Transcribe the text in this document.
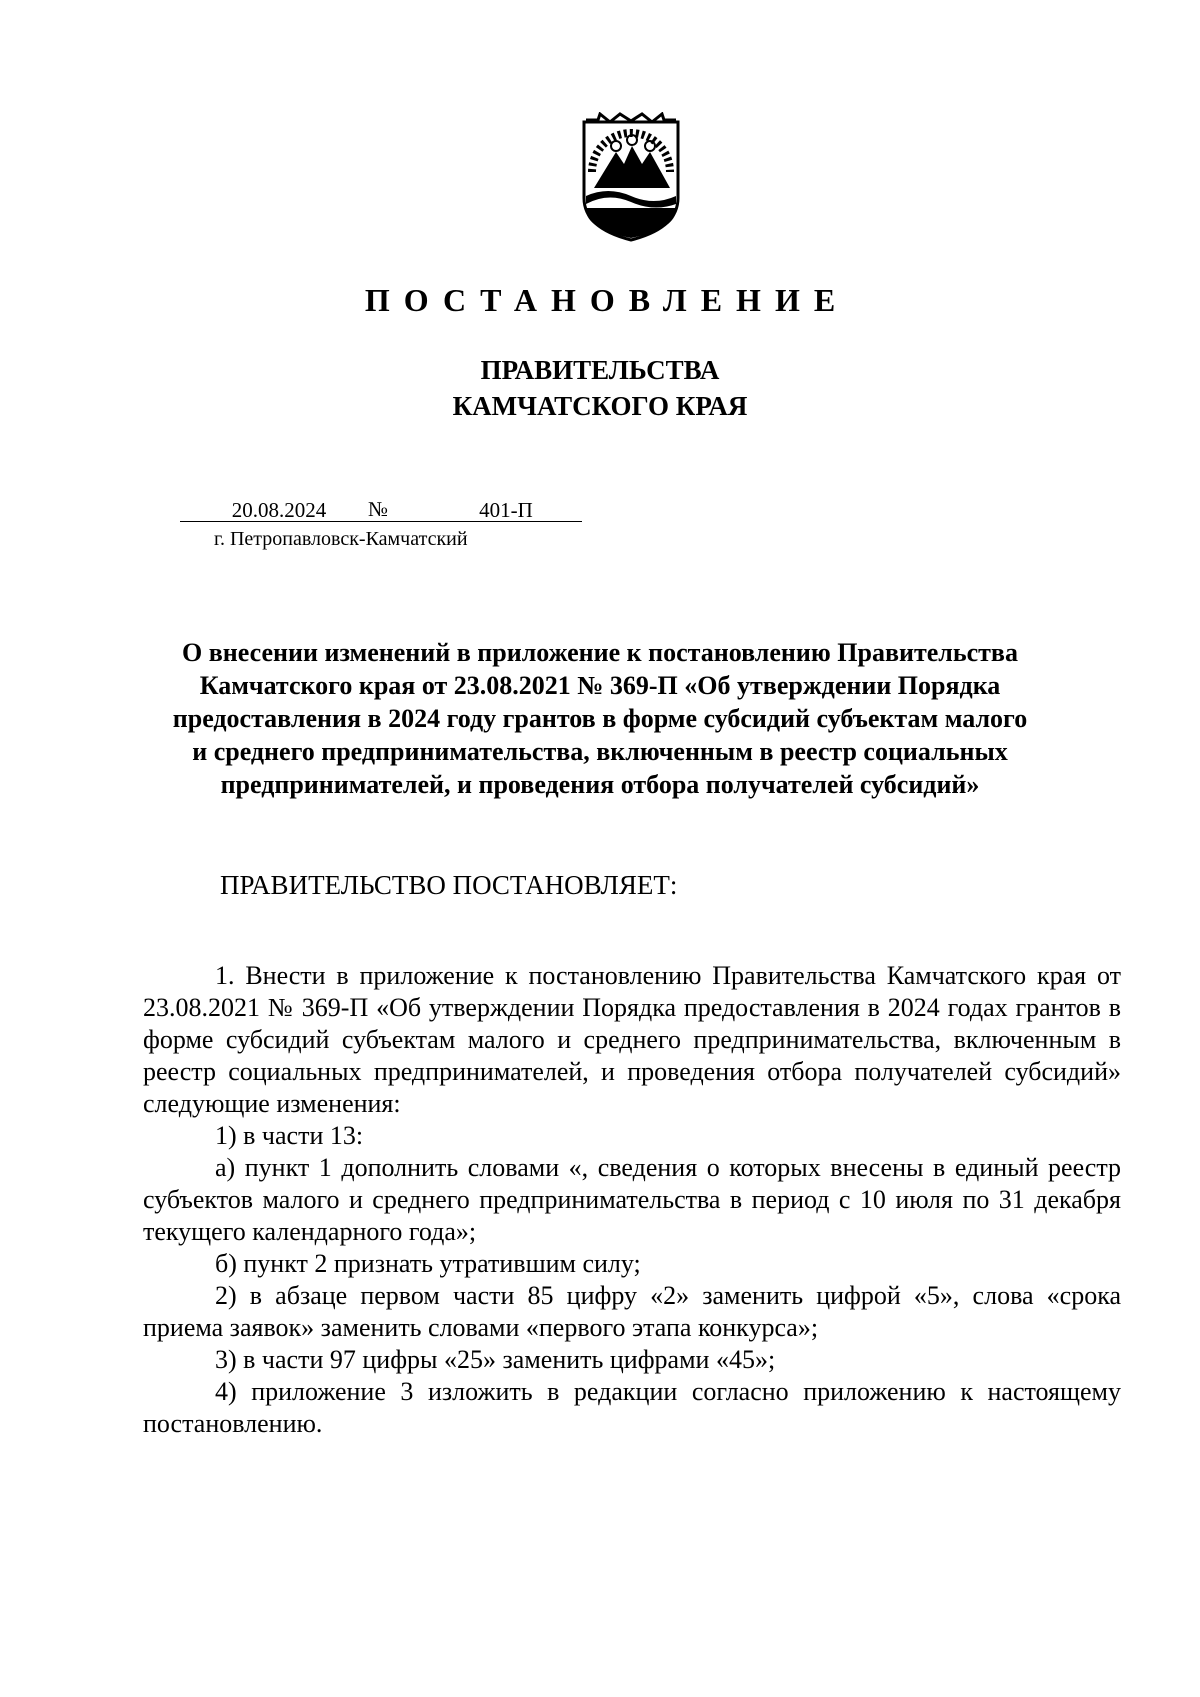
ПОСТАНОВЛЕНИЕ
ПРАВИТЕЛЬСТВА
КАМЧАТСКОГО КРАЯ
20.08.2024	№	401-П
г. Петропавловск-Камчатский
О внесении изменений в приложение к постановлению Правительства
Камчатского края от 23.08.2021 № 369-П «Об утверждении Порядка
предоставления в 2024 году грантов в форме субсидий субъектам малого
и среднего предпринимательства, включенным в реестр социальных
предпринимателей, и проведения отбора получателей субсидий»
ПРАВИТЕЛЬСТВО ПОСТАНОВЛЯЕТ:

1. Внести в приложение к постановлению Правительства Камчатского края от 23.08.2021 № 369-П «Об утверждении Порядка предоставления в 2024 годах грантов в форме субсидий субъектам малого и среднего предпринимательства, включенным в реестр социальных предпринимателей, и проведения отбора получателей субсидий» следующие изменения:

1) в части 13:

а) пункт 1 дополнить словами «, сведения о которых внесены в единый реестр субъектов малого и среднего предпринимательства в период с 10 июля по 31 декабря текущего календарного года»;

б) пункт 2 признать утратившим силу;

2) в абзаце первом части 85 цифру «2» заменить цифрой «5», слова «срока приема заявок» заменить словами «первого этапа конкурса»;

3) в части 97 цифры «25» заменить цифрами «45»;

4) приложение 3 изложить в редакции согласно приложению к настоящему постановлению.
